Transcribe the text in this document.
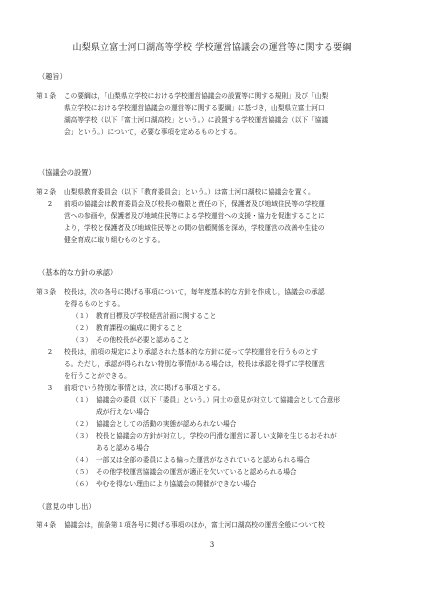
山梨県立富士河口湖高等学校 学校運営協議会の運営等に関する要綱
（趣旨）
第１条	この要綱は，「山梨県立学校における学校運営協議会の設置等に関する規則」及び「山梨
県立学校における学校運営協議会の運営等に関する要綱」に基づき，山梨県立富士河口
湖高等学校（以下「富士河口湖高校」という。）に設置する学校運営協議会（以下「協議
会」という。）について，必要な事項を定めるものとする。
（協議会の設置）
第２条	山梨県教育委員会（以下「教育委員会」という。）は富士河口湖校に協議会を置く。
2	前項の協議会は教育委員会及び校長の権限と責任の下，保護者及び地域住民等の学校運
営への参画や，保護者及び地域住民等による学校運営への支援・協力を促進することに
より，学校と保護者及び地域住民等との間の信頼関係を深め，学校運営の改善や生徒の
健全育成に取り組むものとする。
（基本的な方針の承認）
第３条	校長は，次の各号に掲げる事項について，毎年度基本的な方針を作成し，協議会の承認
を得るものとする。
（１） 教育目標及び学校経営計画に関すること
（２） 教育課程の編成に関すること
（３） その他校長が必要と認めること
2	校長は，前項の規定により承認された基本的な方針に従って学校運営を行うものとす
る。ただし，承認が得られない特別な事情がある場合は，校長は承認を得ずに学校運営
を行うことができる。
3	前項でいう特別な事情とは，次に掲げる事項とする。
（１） 協議会の委員（以下「委員」という。）同士の意見が対立して協議会として合意形
成が行えない場合
（２） 協議会としての活動の実態が認められない場合
（３） 校長と協議会の方針が対立し，学校の円滑な運営に著しい支障を生じるおそれが
あると認める場合
（４） 一部又は全部の委員による偏った運営がなされていると認められる場合
（５） その他学校運営協議会の運営が適正を欠いていると認められる場合
（６） やむを得ない理由により協議会の開催ができない場合
（意見の申し出）
第４条	協議会は，前条第１項各号に掲げる事項のほか，富士河口湖高校の運営全般について校
3
